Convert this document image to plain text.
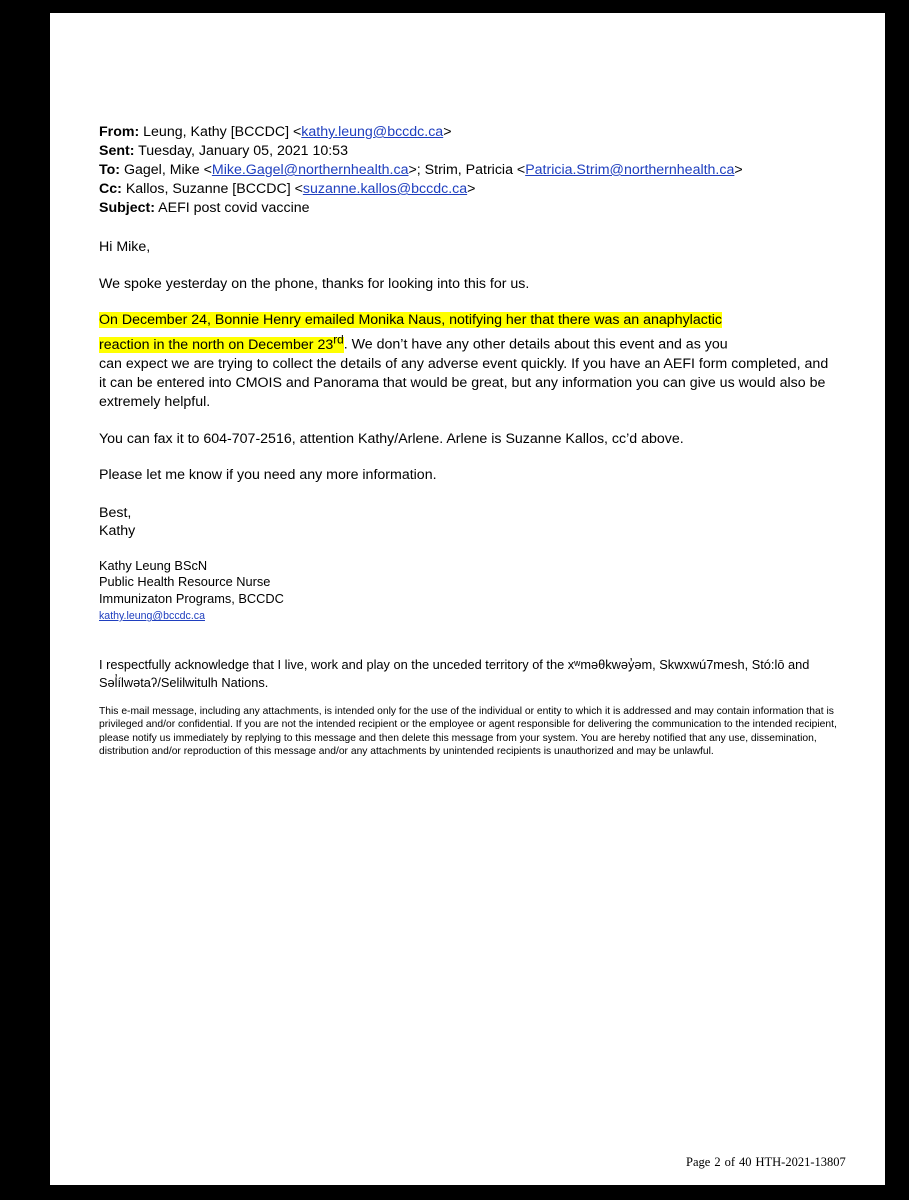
From: Leung, Kathy [BCCDC] <kathy.leung@bccdc.ca>
Sent: Tuesday, January 05, 2021 10:53
To: Gagel, Mike <Mike.Gagel@northernhealth.ca>; Strim, Patricia <Patricia.Strim@northernhealth.ca>
Cc: Kallos, Suzanne [BCCDC] <suzanne.kallos@bccdc.ca>
Subject: AEFI post covid vaccine

Hi Mike,

We spoke yesterday on the phone, thanks for looking into this for us.

On December 24, Bonnie Henry emailed Monika Naus, notifying her that there was an anaphylactic
reaction in the north on December 23rd. We don’t have any other details about this event and as you
can expect we are trying to collect the details of any adverse event quickly. If you have an AEFI form completed, and it can be entered into CMOIS and Panorama that would be great, but any information you can give us would also be extremely helpful.

You can fax it to 604-707-2516, attention Kathy/Arlene. Arlene is Suzanne Kallos, cc’d above.

Please let me know if you need any more information.

Best,

Kathy

Kathy Leung BScN
Public Health Resource Nurse
Immunizaton Programs, BCCDC
kathy.leung@bccdc.ca

I respectfully acknowledge that I live, work and play on the unceded territory of the xʷməθkwəy̓əm, Skwxwú7mesh, Stó:lō and Səl̓ílwətaʔ/Selilwitulh Nations.

This e-mail message, including any attachments, is intended only for the use of the individual or entity to which it is addressed and may contain information that is privileged and/or confidential. If you are not the intended recipient or the employee or agent responsible for delivering the communication to the intended recipient, please notify us immediately by replying to this message and then delete this message from your system. You are hereby notified that any use, dissemination, distribution and/or reproduction of this message and/or any attachments by unintended recipients is unauthorized and may be unlawful.

Page 2 of 40 HTH-2021-13807
